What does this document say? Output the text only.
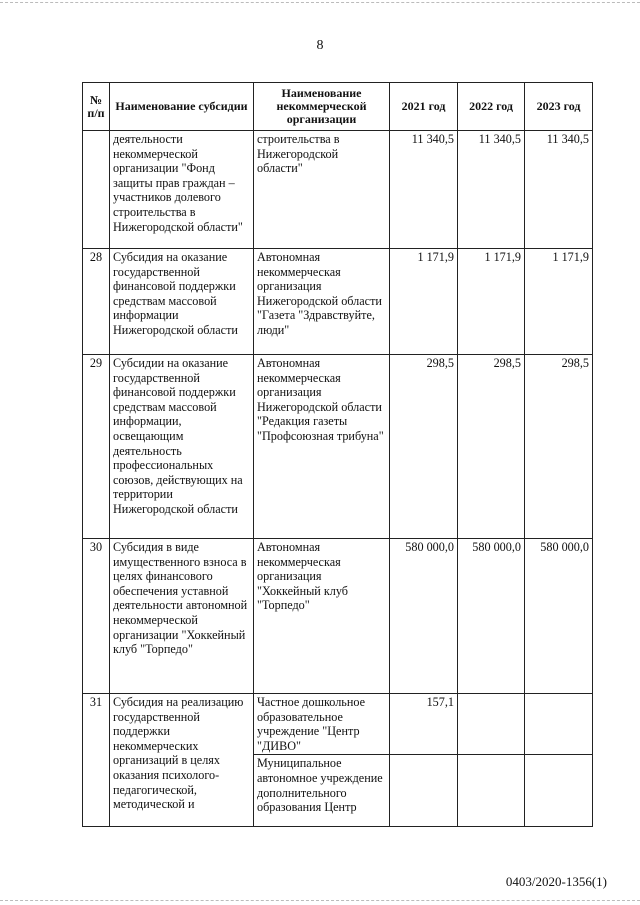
8
№ п/п	Наименование субсидии	Наименование некоммерческой организации	2021 год	2022 год	2023 год
	деятельности некоммерческой организации "Фонд защиты прав граждан – участников долевого строительства в Нижегородской области"	строительства в Нижегородской области"	11 340,5	11 340,5	11 340,5
28	Субсидия на оказание государственной финансовой поддержки средствам массовой информации Нижегородской области	Автономная некоммерческая организация Нижегородской области "Газета "Здравствуйте, люди"	1 171,9	1 171,9	1 171,9
29	Субсидии на оказание государственной финансовой поддержки средствам массовой информации, освещающим деятельность профессиональных союзов, действующих на территории Нижегородской области	Автономная некоммерческая организация Нижегородской области "Редакция газеты "Профсоюзная трибуна"	298,5	298,5	298,5
30	Субсидия в виде имущественного взноса в целях финансового обеспечения уставной деятельности автономной некоммерческой организации "Хоккейный клуб "Торпедо"	Автономная некоммерческая организация "Хоккейный клуб "Торпедо"	580 000,0	580 000,0	580 000,0
31	Субсидия на реализацию государственной поддержки некоммерческих организаций в целях оказания психолого-педагогической, методической и	Частное дошкольное образовательное учреждение "Центр "ДИВО"	157,1		
		Муниципальное автономное учреждение дополнительного образования Центр			
0403/2020-1356(1)
